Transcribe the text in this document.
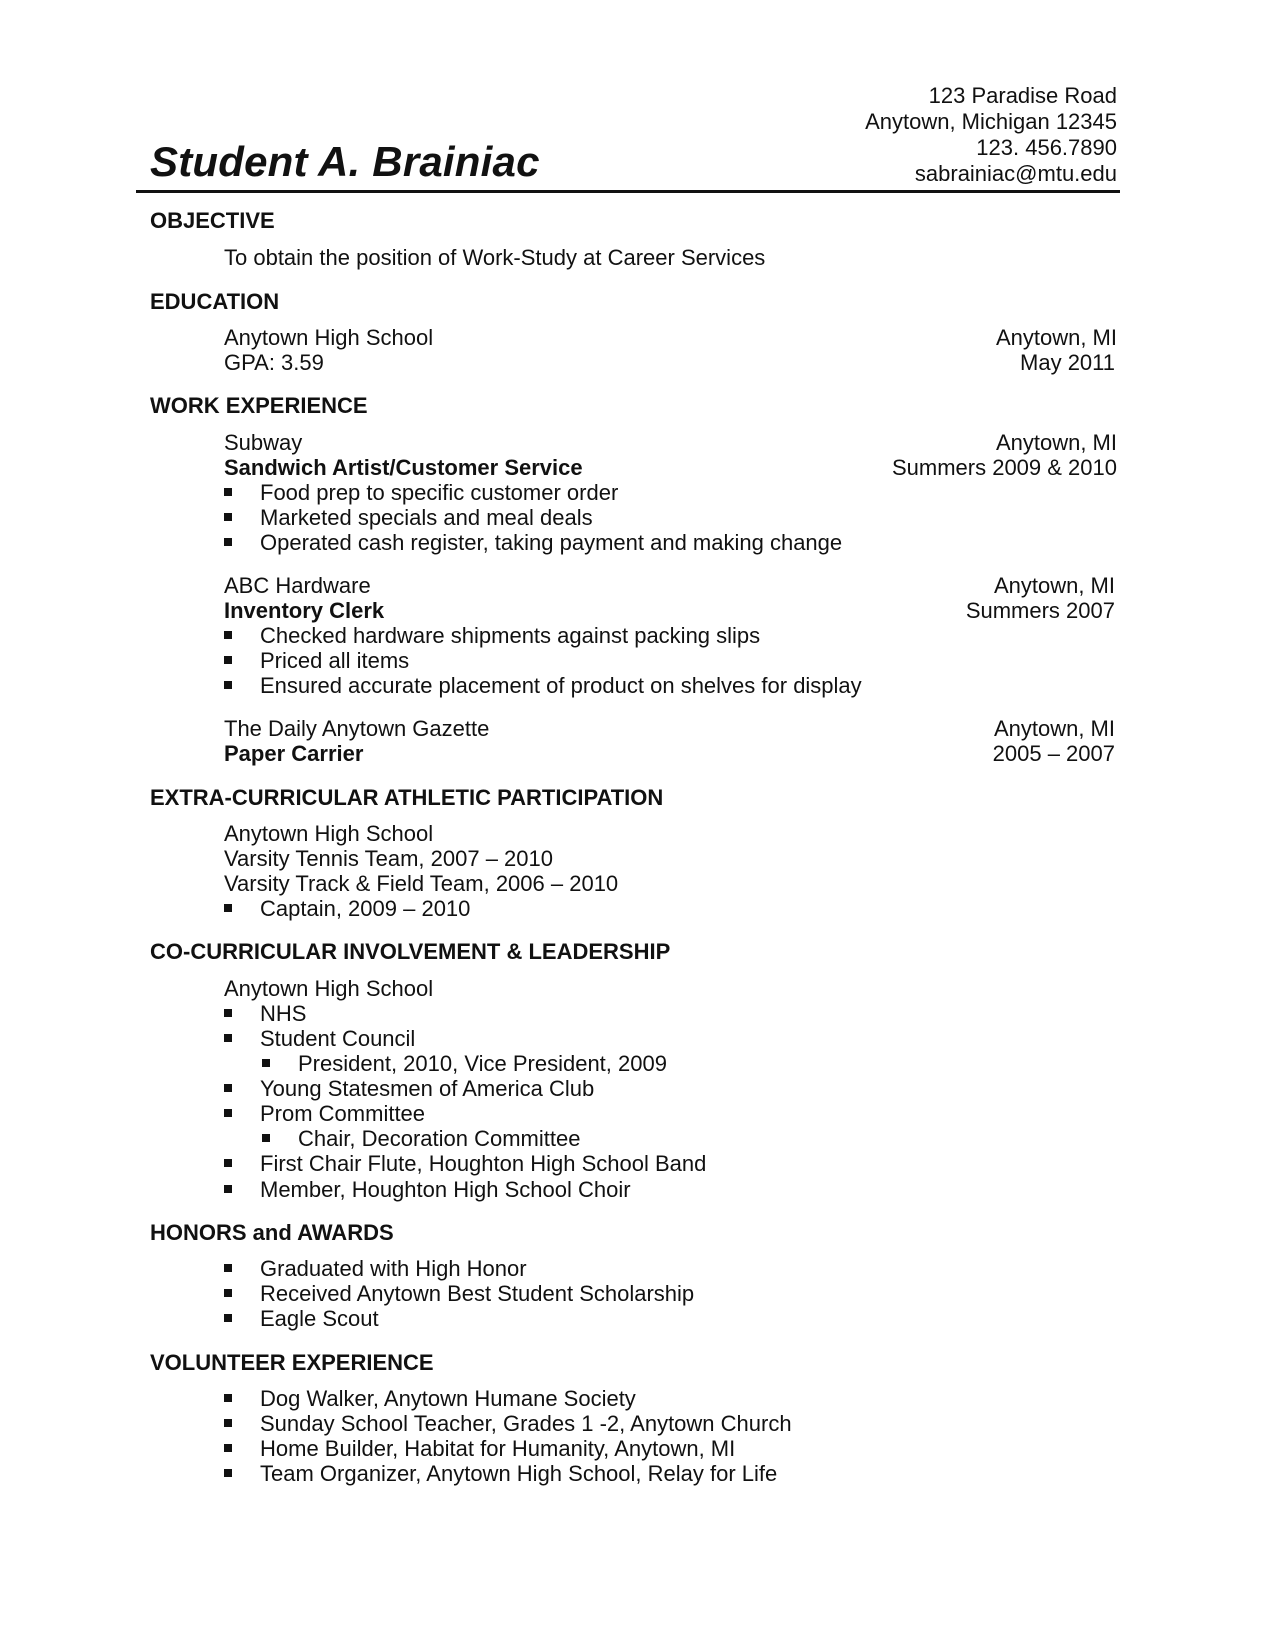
Student A. Brainiac
123 Paradise Road
Anytown, Michigan 12345
123. 456.7890
sabrainiac@mtu.edu
OBJECTIVE
To obtain the position of Work-Study at Career Services
EDUCATION
Anytown High School	Anytown, MI
GPA: 3.59	May 2011
WORK EXPERIENCE
Subway	Anytown, MI
Sandwich Artist/Customer Service	Summers 2009 & 2010
Food prep to specific customer order
Marketed specials and meal deals
Operated cash register, taking payment and making change
ABC Hardware	Anytown, MI
Inventory Clerk	Summers 2007
Checked hardware shipments against packing slips
Priced all items
Ensured accurate placement of product on shelves for display
The Daily Anytown Gazette	Anytown, MI
Paper Carrier	2005 – 2007
EXTRA-CURRICULAR ATHLETIC PARTICIPATION
Anytown High School
Varsity Tennis Team, 2007 – 2010
Varsity Track & Field Team, 2006 – 2010
Captain, 2009 – 2010
CO-CURRICULAR INVOLVEMENT & LEADERSHIP
Anytown High School
NHS
Student Council
President, 2010, Vice President, 2009
Young Statesmen of America Club
Prom Committee
Chair, Decoration Committee
First Chair Flute, Houghton High School Band
Member, Houghton High School Choir
HONORS and AWARDS
Graduated with High Honor
Received Anytown Best Student Scholarship
Eagle Scout
VOLUNTEER EXPERIENCE
Dog Walker, Anytown Humane Society
Sunday School Teacher, Grades 1 -2, Anytown Church
Home Builder, Habitat for Humanity, Anytown, MI
Team Organizer, Anytown High School, Relay for Life
